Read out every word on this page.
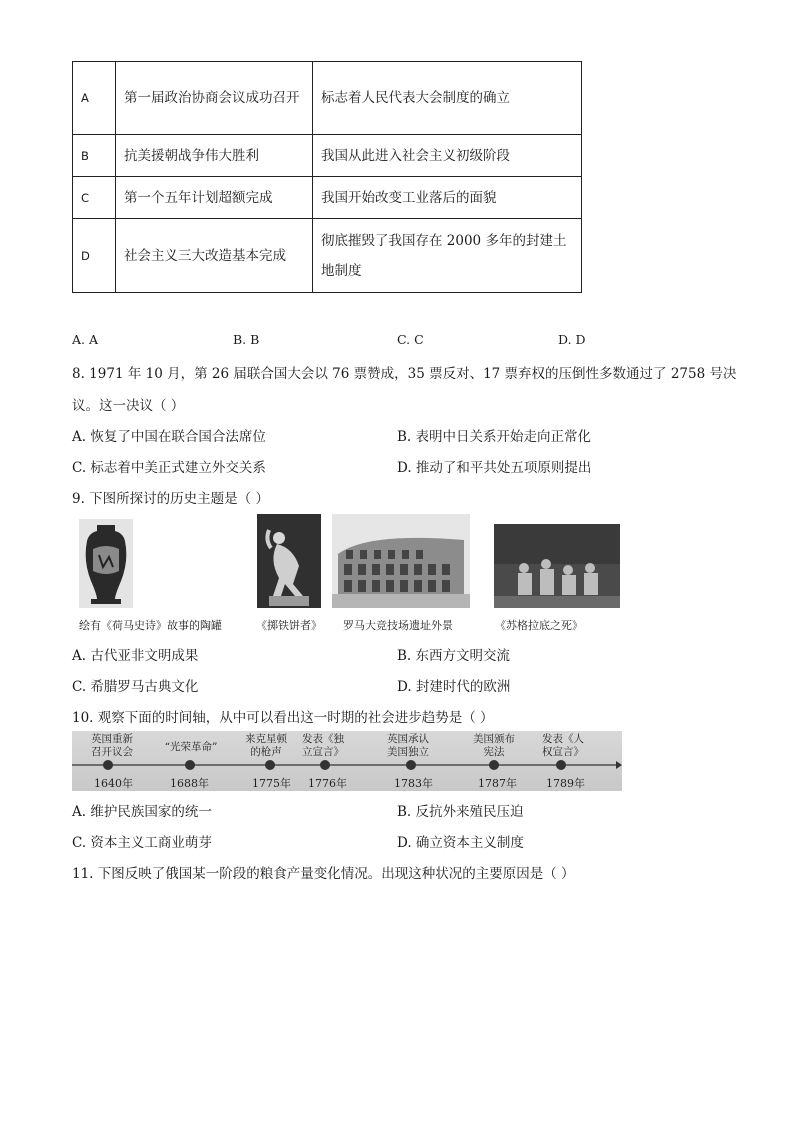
A	第一届政治协商会议成功召开	标志着人民代表大会制度的确立
B	抗美援朝战争伟大胜利	我国从此进入社会主义初级阶段
C	第一个五年计划超额完成	我国开始改变工业落后的面貌
D	社会主义三大改造基本完成	彻底摧毁了我国存在 2000 多年的封建土地制度
A. A	B. B	C. C	D. D
8. 1971 年 10 月，第 26 届联合国大会以 76 票赞成，35 票反对、17 票弃权的压倒性多数通过了 2758 号决
议。这一决议（ ）
A. 恢复了中国在联合国合法席位	B. 表明中日关系开始走向正常化
C. 标志着中美正式建立外交关系	D. 推动了和平共处五项原则提出
9. 下图所探讨的历史主题是（ ）
绘有《荷马史诗》故事的陶罐	《掷铁饼者》 罗马大竞技场遗址外景	《苏格拉底之死》
A. 古代亚非文明成果	B. 东西方文明交流
C. 希腊罗马古典文化	D. 封建时代的欧洲
10. 观察下面的时间轴，从中可以看出这一时期的社会进步趋势是（ ）
英国重新
召开议会
1640年
“光荣革命”
1688年
来克星顿
的枪声
1775年
发表《独
立宣言》
1776年
英国承认
美国独立
1783年
美国颁布
宪法
1787年
发表《人
权宣言》
1789年
A. 维护民族国家的统一	B. 反抗外来殖民压迫
C. 资本主义工商业萌芽	D. 确立资本主义制度
11. 下图反映了俄国某一阶段的粮食产量变化情况。出现这种状况的主要原因是（ ）
